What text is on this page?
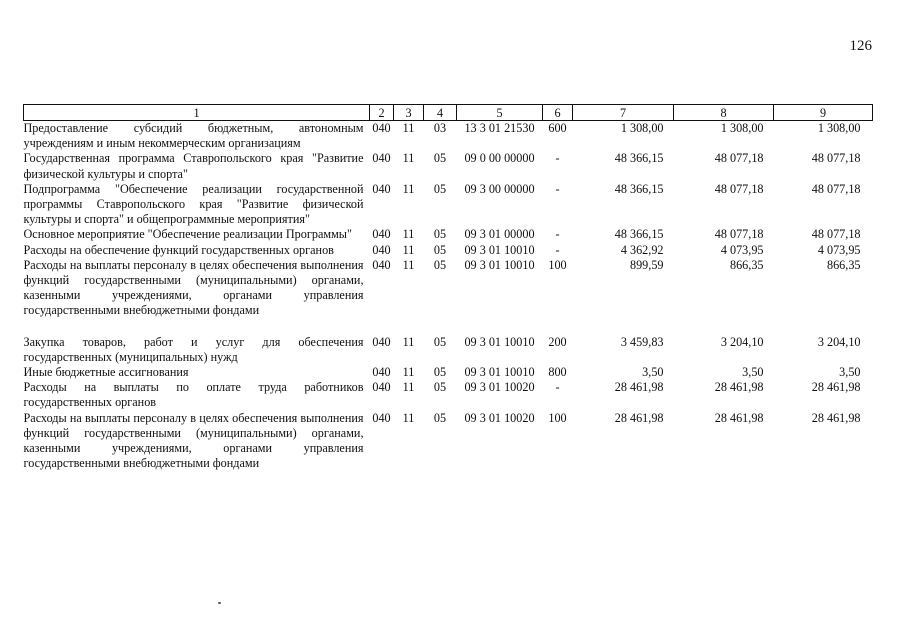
126
1	2	3	4	5	6	7	8	9
Предоставление субсидий бюджетным, автономным учреждениям и иным некоммерческим организациям	040	11	03	13 3 01 21530	600	1 308,00	1 308,00	1 308,00
Государственная программа Ставропольского края "Развитие физической культуры и спорта"	040	11	05	09 0 00 00000	-	48 366,15	48 077,18	48 077,18
Подпрограмма "Обеспечение реализации государственной программы Ставропольского края "Развитие физической культуры и спорта" и общепрограммные мероприятия"	040	11	05	09 3 00 00000	-	48 366,15	48 077,18	48 077,18
Основное мероприятие "Обеспечение реализации Программы"	040	11	05	09 3 01 00000	-	48 366,15	48 077,18	48 077,18
Расходы на обеспечение функций государственных органов	040	11	05	09 3 01 10010	-	4 362,92	4 073,95	4 073,95
Расходы на выплаты персоналу в целях обеспечения выполнения функций государственными (муниципальными) органами, казенными учреждениями, органами управления государственными внебюджетными фондами	040	11	05	09 3 01 10010	100	899,59	866,35	866,35

Закупка товаров, работ и услуг для обеспечения государственных (муниципальных) нужд	040	11	05	09 3 01 10010	200	3 459,83	3 204,10	3 204,10
Иные бюджетные ассигнования	040	11	05	09 3 01 10010	800	3,50	3,50	3,50
Расходы на выплаты по оплате труда работников государственных органов	040	11	05	09 3 01 10020	-	28 461,98	28 461,98	28 461,98
Расходы на выплаты персоналу в целях обеспечения выполнения функций государственными (муниципальными) органами, казенными учреждениями, органами управления государственными внебюджетными фондами	040	11	05	09 3 01 10020	100	28 461,98	28 461,98	28 461,98
